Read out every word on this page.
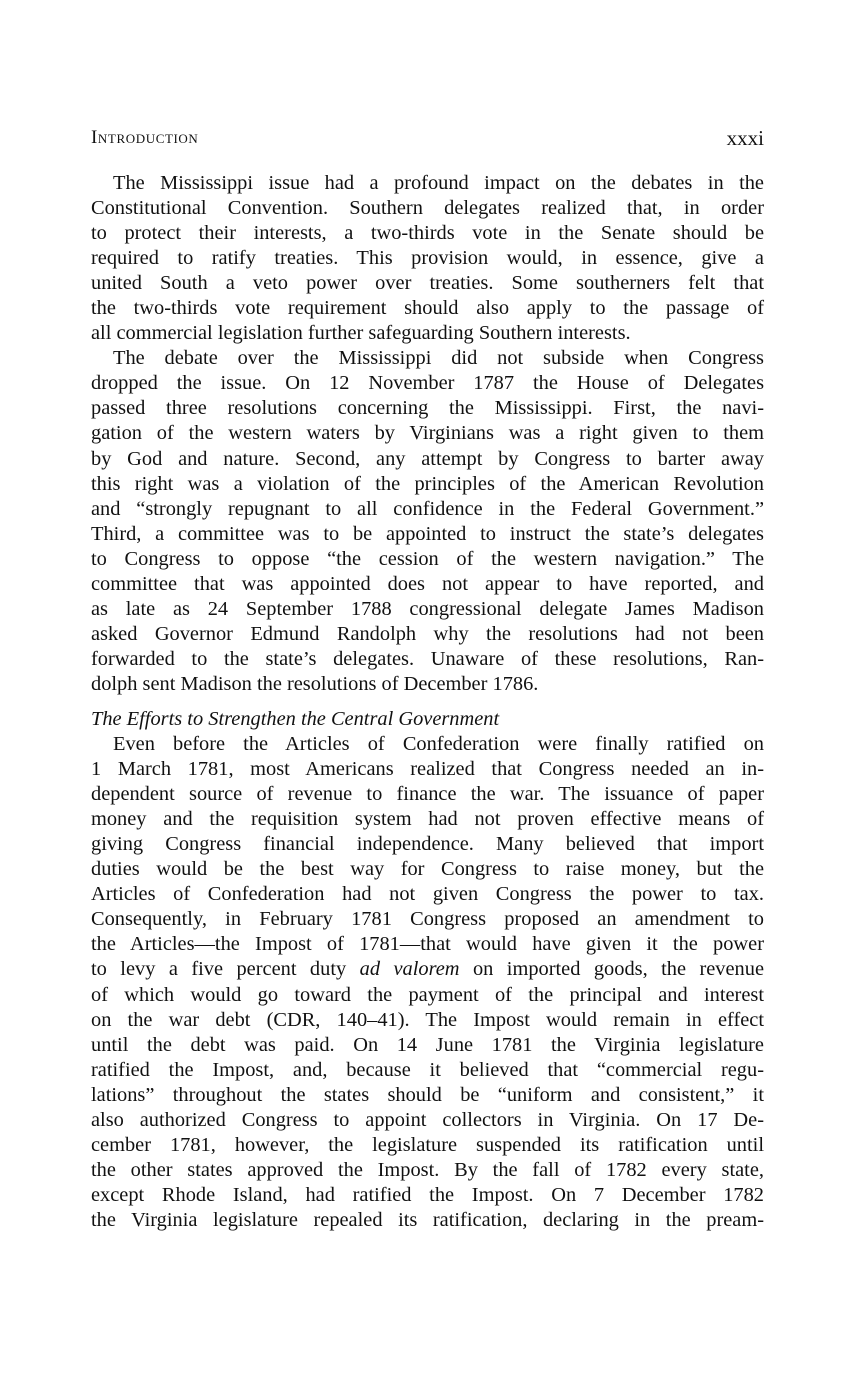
Introduction	xxxi
The Mississippi issue had a profound impact on the debates in the
Constitutional Convention. Southern delegates realized that, in order
to protect their interests, a two-thirds vote in the Senate should be
required to ratify treaties. This provision would, in essence, give a
united South a veto power over treaties. Some southerners felt that
the two-thirds vote requirement should also apply to the passage of
all commercial legislation further safeguarding Southern interests.
The debate over the Mississippi did not subside when Congress
dropped the issue. On 12 November 1787 the House of Delegates
passed three resolutions concerning the Mississippi. First, the navi-
gation of the western waters by Virginians was a right given to them
by God and nature. Second, any attempt by Congress to barter away
this right was a violation of the principles of the American Revolution
and “strongly repugnant to all confidence in the Federal Government.”
Third, a committee was to be appointed to instruct the state’s delegates
to Congress to oppose “the cession of the western navigation.” The
committee that was appointed does not appear to have reported, and
as late as 24 September 1788 congressional delegate James Madison
asked Governor Edmund Randolph why the resolutions had not been
forwarded to the state’s delegates. Unaware of these resolutions, Ran-
dolph sent Madison the resolutions of December 1786.
The Efforts to Strengthen the Central Government
Even before the Articles of Confederation were finally ratified on
1 March 1781, most Americans realized that Congress needed an in-
dependent source of revenue to finance the war. The issuance of paper
money and the requisition system had not proven effective means of
giving Congress financial independence. Many believed that import
duties would be the best way for Congress to raise money, but the
Articles of Confederation had not given Congress the power to tax.
Consequently, in February 1781 Congress proposed an amendment to
the Articles—the Impost of 1781—that would have given it the power
to levy a five percent duty ad valorem on imported goods, the revenue
of which would go toward the payment of the principal and interest
on the war debt (CDR, 140–41). The Impost would remain in effect
until the debt was paid. On 14 June 1781 the Virginia legislature
ratified the Impost, and, because it believed that “commercial regu-
lations” throughout the states should be “uniform and consistent,” it
also authorized Congress to appoint collectors in Virginia. On 17 De-
cember 1781, however, the legislature suspended its ratification until
the other states approved the Impost. By the fall of 1782 every state,
except Rhode Island, had ratified the Impost. On 7 December 1782
the Virginia legislature repealed its ratification, declaring in the pream-
